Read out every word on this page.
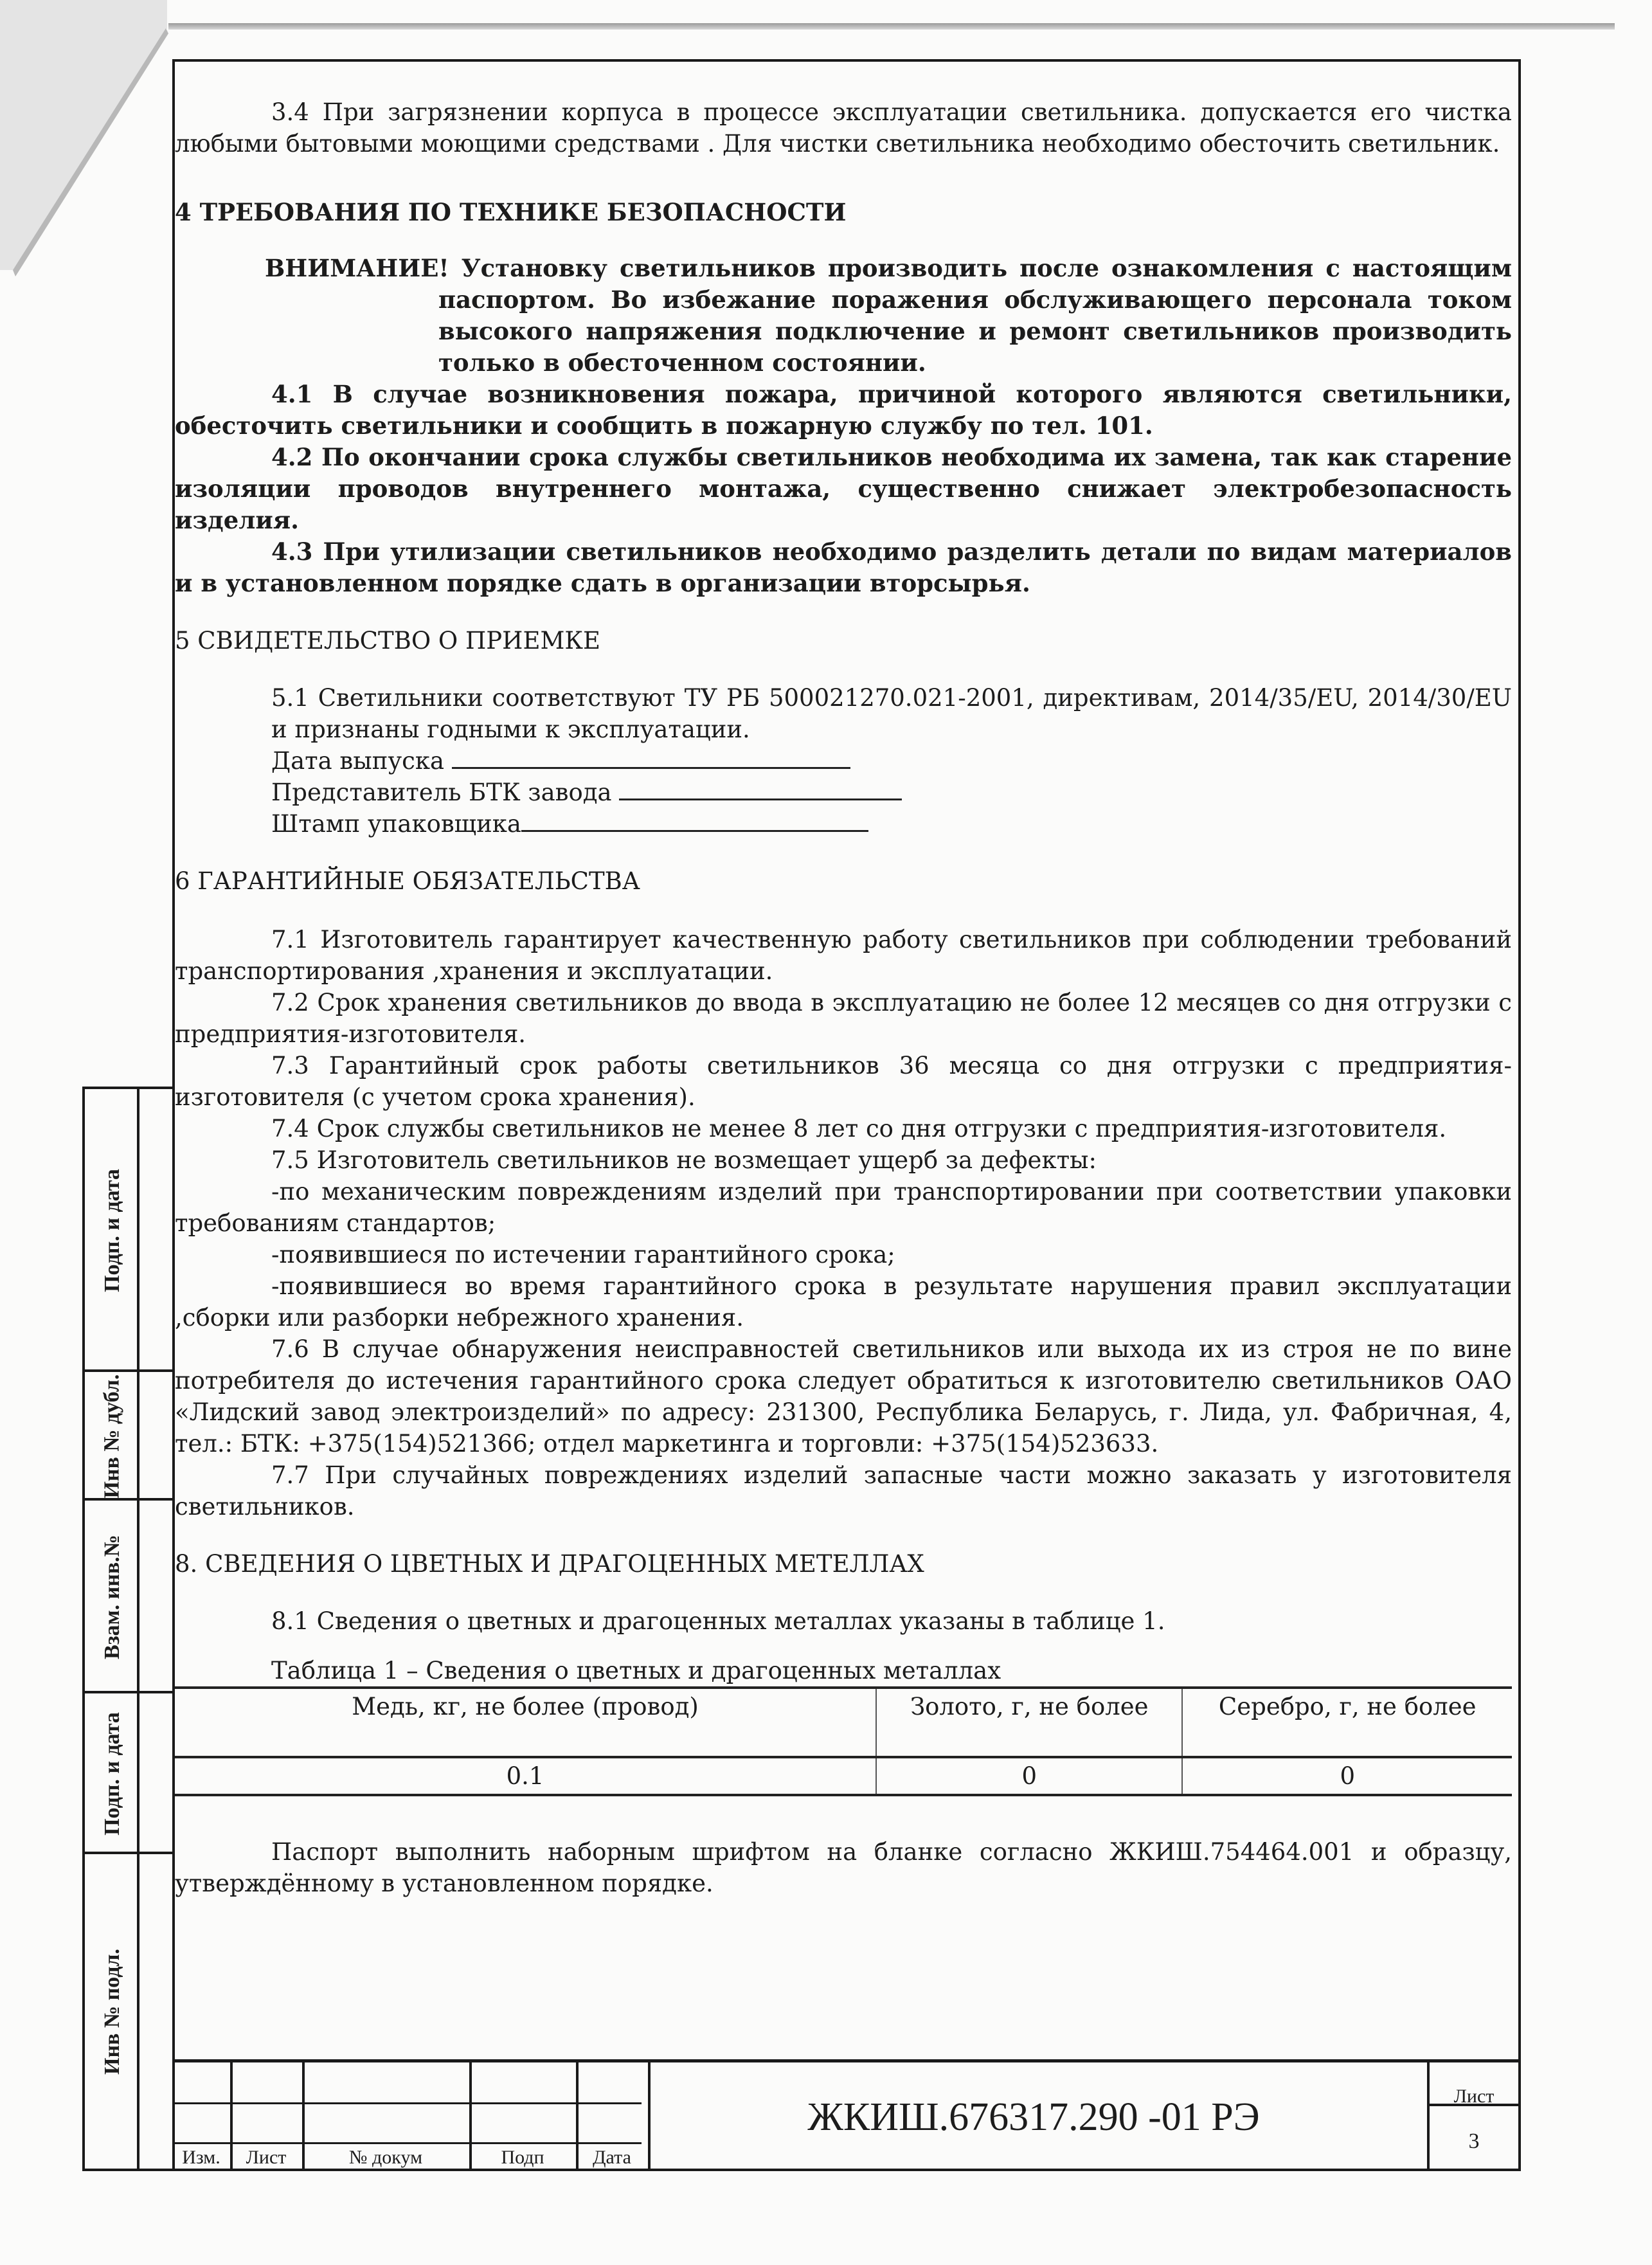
3.4 При загрязнении корпуса в процессе эксплуатации светильника. допускается его чистка любыми бытовыми моющими средствами . Для чистки светильника необходимо обесточить светильник.

4 ТРЕБОВАНИЯ ПО ТЕХНИКЕ БЕЗОПАСНОСТИ

ВНИМАНИЕ! Установку светильников производить после ознакомления с настоящим паспортом. Во избежание поражения обслуживающего персонала током высокого напряжения подключение и ремонт светильников производить только в обесточенном состоянии.

4.1 В случае возникновения пожара, причиной которого являются светильники, обесточить светильники и сообщить в пожарную службу по тел. 101.

4.2 По окончании срока службы светильников необходима их замена, так как старение изоляции проводов внутреннего монтажа, существенно снижает электробезопасность изделия.

4.3 При утилизации светильников необходимо разделить детали по видам материалов и в установленном порядке сдать в организации вторсырья.

5 СВИДЕТЕЛЬСТВО О ПРИЕМКЕ

5.1 Светильники соответствуют ТУ РБ 500021270.021-2001, директивам, 2014/35/EU, 2014/30/EU и признаны годными к эксплуатации.

Дата выпуска

Представитель БТК завода

Штамп упаковщика

6 ГАРАНТИЙНЫЕ ОБЯЗАТЕЛЬСТВА

7.1 Изготовитель гарантирует качественную работу светильников при соблюдении требований транспортирования ,хранения и эксплуатации.

7.2 Срок хранения светильников до ввода в эксплуатацию не более 12 месяцев со дня отгрузки с предприятия-изготовителя.

7.3 Гарантийный срок работы светильников 36 месяца со дня отгрузки с предприятия-изготовителя (с учетом срока хранения).

7.4 Срок службы светильников не менее 8 лет со дня отгрузки с предприятия-изготовителя.

7.5 Изготовитель светильников не возмещает ущерб за дефекты:

-по механическим повреждениям изделий при транспортировании при соответствии упаковки требованиям стандартов;

-появившиеся по истечении гарантийного срока;

-появившиеся во время гарантийного срока в результате нарушения правил эксплуатации ,сборки или разборки небрежного хранения.

7.6 В случае обнаружения неисправностей светильников или выхода их из строя не по вине потребителя до истечения гарантийного срока следует обратиться к изготовителю светильников ОАО «Лидский завод электроизделий» по адресу: 231300, Республика Беларусь, г. Лида, ул. Фабричная, 4, тел.: БТК: +375(154)521366; отдел маркетинга и торговли: +375(154)523633.

7.7 При случайных повреждениях изделий запасные части можно заказать у изготовителя светильников.

8. СВЕДЕНИЯ О ЦВЕТНЫХ И ДРАГОЦЕННЫХ МЕТЕЛЛАХ

8.1 Сведения о цветных и драгоценных металлах указаны в таблице 1.

Таблица 1 – Сведения о цветных и драгоценных металлах

Медь, кг, не более (провод)	Золото, г, не более	Серебро, г, не более
0.1	0	0

Паспорт выполнить наборным шрифтом на бланке согласно ЖКИШ.754464.001 и образцу, утверждённому в установленном порядке.

Подп. и дата
Инв № дубл.
Взам. инв.№
Подп. и дата
Инв № подл.
Изм.	Лист	№ докум	Подп	Дата
ЖКИШ.676317.290 -01 РЭ	Лист
3
